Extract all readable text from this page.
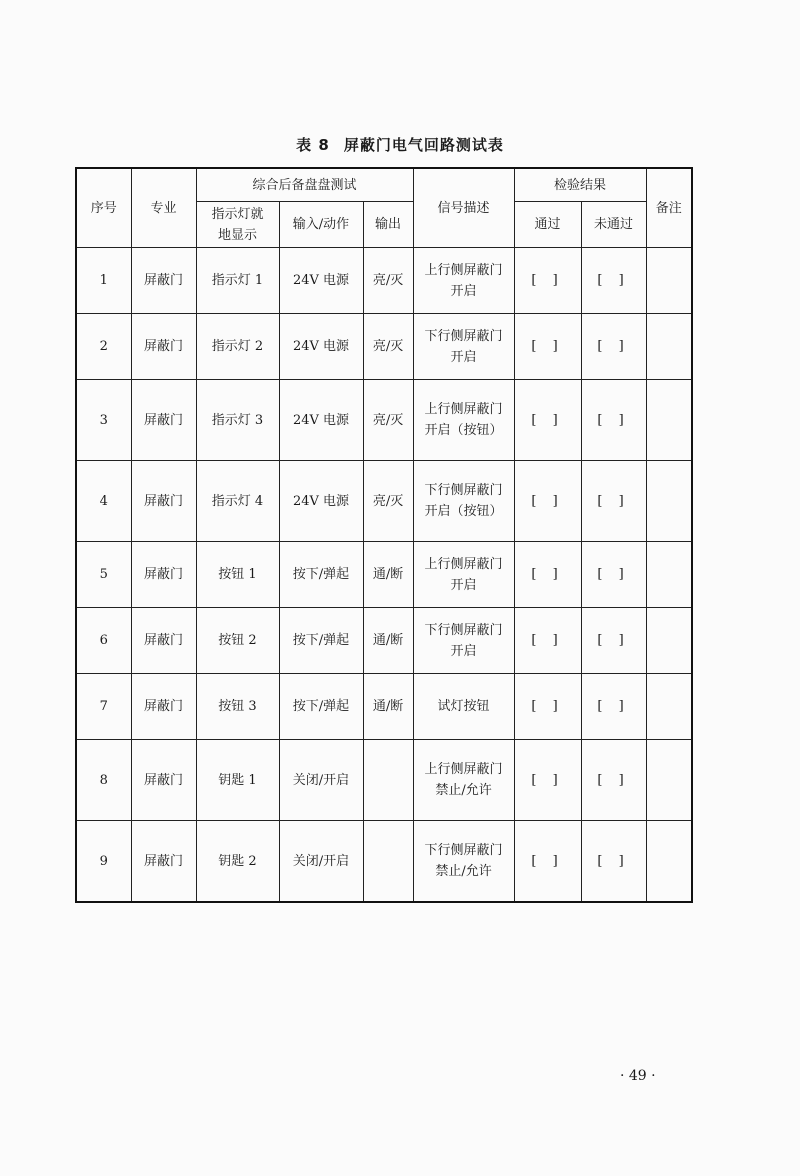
表 8 屏蔽门电气回路测试表
序号	专业	综合后备盘盘测试			信号描述	检验结果		备注
		指示灯就地显示	输入/动作	输出		通过	未通过	
1	屏蔽门	指示灯 1	24V 电源	亮/灭	上行侧屏蔽门开启	[ ]	[ ]	
2	屏蔽门	指示灯 2	24V 电源	亮/灭	下行侧屏蔽门开启	[ ]	[ ]	
3	屏蔽门	指示灯 3	24V 电源	亮/灭	上行侧屏蔽门开启（按钮）	[ ]	[ ]	
4	屏蔽门	指示灯 4	24V 电源	亮/灭	下行侧屏蔽门开启（按钮）	[ ]	[ ]	
5	屏蔽门	按钮 1	按下/弹起	通/断	上行侧屏蔽门开启	[ ]	[ ]	
6	屏蔽门	按钮 2	按下/弹起	通/断	下行侧屏蔽门开启	[ ]	[ ]	
7	屏蔽门	按钮 3	按下/弹起	通/断	试灯按钮	[ ]	[ ]	
8	屏蔽门	钥匙 1	关闭/开启		上行侧屏蔽门禁止/允许	[ ]	[ ]	
9	屏蔽门	钥匙 2	关闭/开启		下行侧屏蔽门禁止/允许	[ ]	[ ]	
· 49 ·
